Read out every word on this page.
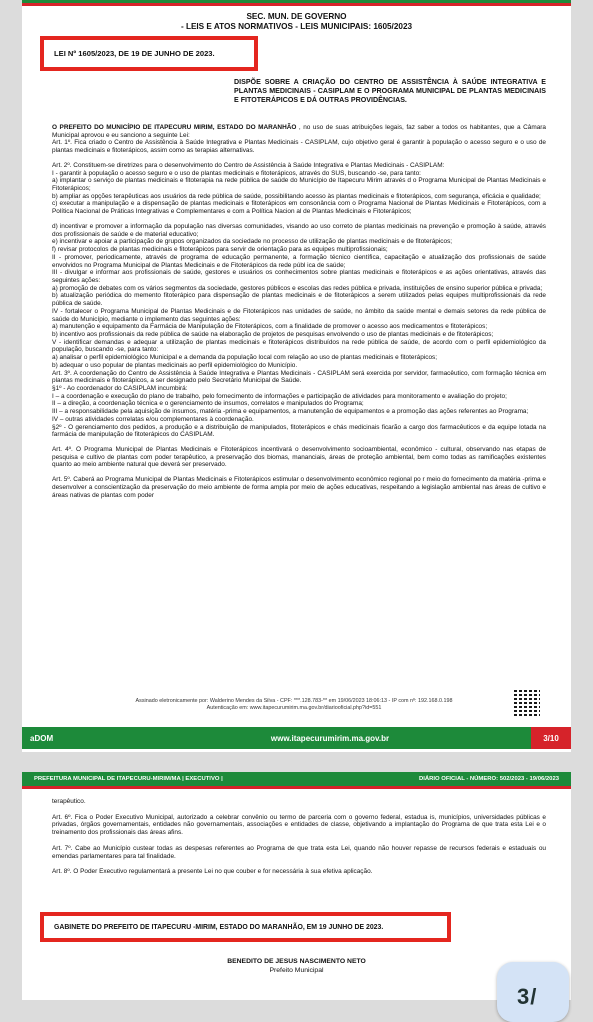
SEC. MUN. DE GOVERNO
- LEIS E ATOS NORMATIVOS - LEIS MUNICIPAIS: 1605/2023
LEI Nº 1605/2023, DE 19 DE JUNHO DE 2023.
DISPÕE SOBRE A CRIAÇÃO DO CENTRO DE ASSISTÊNCIA À SAÚDE INTEGRATIVA E PLANTAS MEDICINAIS - CASIPLAM E O PROGRAMA MUNICIPAL DE PLANTAS MEDICINAIS E FITOTERÁPICOS E DÁ OUTRAS PROVIDÊNCIAS.

O PREFEITO DO MUNICÍPIO DE ITAPECURU MIRIM, ESTADO DO MARANHÃO , no uso de suas atribuições legais, faz saber a todos os habitantes, que a Câmara Municipal aprovou e eu sanciono a seguinte Lei:

Art. 1º. Fica criado o Centro de Assistência à Saúde Integrativa e Plantas Medicinais - CASIPLAM, cujo objetivo geral é garantir à população o acesso seguro e o uso de plantas medicinais e fitoterápicos, assim como as terapias alternativas.

Art. 2º. Constituem-se diretrizes para o desenvolvimento do Centro de Assistência à Saúde Integrativa e Plantas Medicinais - CASIPLAM:

I - garantir à população o acesso seguro e o uso de plantas medicinais e fitoterápicos, através do SUS, buscando -se, para tanto:

a) implantar o serviço de plantas medicinais e fitoterapia na rede pública de saúde do Município de Itapecuru Mirim através d o Programa Municipal de Plantas Medicinais e Fitoterápicos;

b) ampliar as opções terapêuticas aos usuários da rede pública de saúde, possibilitando acesso às plantas medicinais e fitoterápicos, com segurança, eficácia e qualidade;

c) executar a manipulação e a dispensação de plantas medicinais e fitoterápicos em consonância com o Programa Nacional de Plantas Medicinais e Fitoterápicos, com a Política Nacional de Práticas Integrativas e Complementares e com a Política Nacion al de Plantas Medicinais e Fitoterápicos;

d) incentivar e promover a informação da população nas diversas comunidades, visando ao uso correto de plantas medicinais na prevenção e promoção à saúde, através dos profissionais de saúde e de material educativo;

e) incentivar e apoiar a participação de grupos organizados da sociedade no processo de utilização de plantas medicinais e de fitoterápicos;

f) revisar protocolos de plantas medicinais e fitoterápicos para servir de orientação para as equipes multiprofissionais;

II - promover, periodicamente, através de programa de educação permanente, a formação técnico científica, capacitação e atualização dos profissionais de saúde envolvidos no Programa Municipal de Plantas Medicinais e de Fitoterápicos da rede públ ica de saúde;

III - divulgar e informar aos profissionais de saúde, gestores e usuários os conhecimentos sobre plantas medicinais e fitoterápicos e as ações orientativas, através das seguintes ações:

a) promoção de debates com os vários segmentos da sociedade, gestores públicos e escolas das redes pública e privada, instituições de ensino superior pública e privada;

b) atualização periódica do memento fitoterápico para dispensação de plantas medicinais e de fitoterápicos a serem utilizados pelas equipes multiprofissionais da rede pública de saúde.

IV - fortalecer o Programa Municipal de Plantas Medicinais e de Fitoterápicos nas unidades de saúde, no âmbito da saúde mental e demais setores da rede pública de saúde do Município, mediante o implemento das seguintes ações:

a) manutenção e equipamento da Farmácia de Manipulação de Fitoterápicos, com a finalidade de promover o acesso aos medicamentos e fitoterápicos;

b) incentivo aos profissionais da rede pública de saúde na elaboração de projetos de pesquisas envolvendo o uso de plantas medicinais e de fitoterápicos;

V - identificar demandas e adequar a utilização de plantas medicinais e fitoterápicos distribuídos na rede pública de saúde, de acordo com o perfil epidemiológico da população, buscando -se, para tanto:

a) analisar o perfil epidemiológico Municipal e a demanda da população local com relação ao uso de plantas medicinais e fitoterápicos;

b) adequar o uso popular de plantas medicinais ao perfil epidemiológico do Município.

Art. 3º. A coordenação do Centro de Assistência à Saúde Integrativa e Plantas Medicinais - CASIPLAM será exercida por servidor, farmacêutico, com formação técnica em plantas medicinais e fitoterápicos, a ser designado pelo Secretário Municipal de Saúde.

§1º - Ao coordenador do CASIPLAM incumbirá:

I – a coordenação e execução do plano de trabalho, pelo fornecimento de informações e participação de atividades para monitoramento e avaliação do projeto;

II – a direção, a coordenação técnica e o gerenciamento de insumos, correlatos e manipulados do Programa;

III – a responsabilidade pela aquisição de insumos, matéria -prima e equipamentos, a manutenção de equipamentos e a promoção das ações referentes ao Programa;

IV – outras atividades correlatas e/ou complementares à coordenação.

§2º - O gerenciamento dos pedidos, a produção e a distribuição de manipulados, fitoterápicos e chás medicinais ficarão a cargo dos farmacêuticos e da equipe lotada na farmácia de manipulação de fitoterápicos do CASIPLAM.

Art. 4º. O Programa Municipal de Plantas Medicinais e Fitoterápicos incentivará o desenvolvimento socioambiental, econômico - cultural, observando nas etapas de pesquisa e cultivo de plantas com poder terapêutico, a preservação dos biomas, mananciais, áreas de proteção ambiental, bem como todas as ramificações existentes quanto ao meio ambiente natural que deverá ser preservado.

Art. 5º. Caberá ao Programa Municipal de Plantas Medicinais e Fitoterápicos estimular o desenvolvimento econômico regional po r meio do fornecimento da matéria -prima e desenvolver a conscientização da preservação do meio ambiente de forma ampla por meio de ações educativas, respeitando a legislação ambiental nas áreas de cultivo e áreas nativas de plantas com poder

Assinado eletronicamente por: Walderino Mendes da Silva - CPF: ***.128.783-** em 19/06/2023 18:06:13 - IP com nº: 192.168.0.198
Autenticação em: www.itapecurumirim.ma.gov.br/diariooficial.php?id=551
aDOM	www.itapecurumirim.ma.gov.br	3/10
PREFEITURA MUNICIPAL DE ITAPECURU-MIRIM/MA | EXECUTIVO |	DIÁRIO OFICIAL - NÚMERO: 502/2023 - 19/06/2023

terapêutico.

Art. 6º. Fica o Poder Executivo Municipal, autorizado a celebrar convênio ou termo de parceria com o governo federal, estadua is, municípios, universidades públicas e privadas, órgãos governamentais, entidades não governamentais, associações e entidades de classe, objetivando a implantação do Programa de que trata esta Lei e o treinamento dos profissionais das áreas afins.

Art. 7º. Cabe ao Município custear todas as despesas referentes ao Programa de que trata esta Lei, quando não houver repasse de recursos federais e estaduais ou emendas parlamentares para tal finalidade.

Art. 8º. O Poder Executivo regulamentará a presente Lei no que couber e for necessária à sua efetiva aplicação.

GABINETE DO PREFEITO DE ITAPECURU -MIRIM, ESTADO DO MARANHÃO, EM 19 JUNHO DE 2023.
BENEDITO DE JESUS NASCIMENTO NETO
Prefeito Municipal
3/
